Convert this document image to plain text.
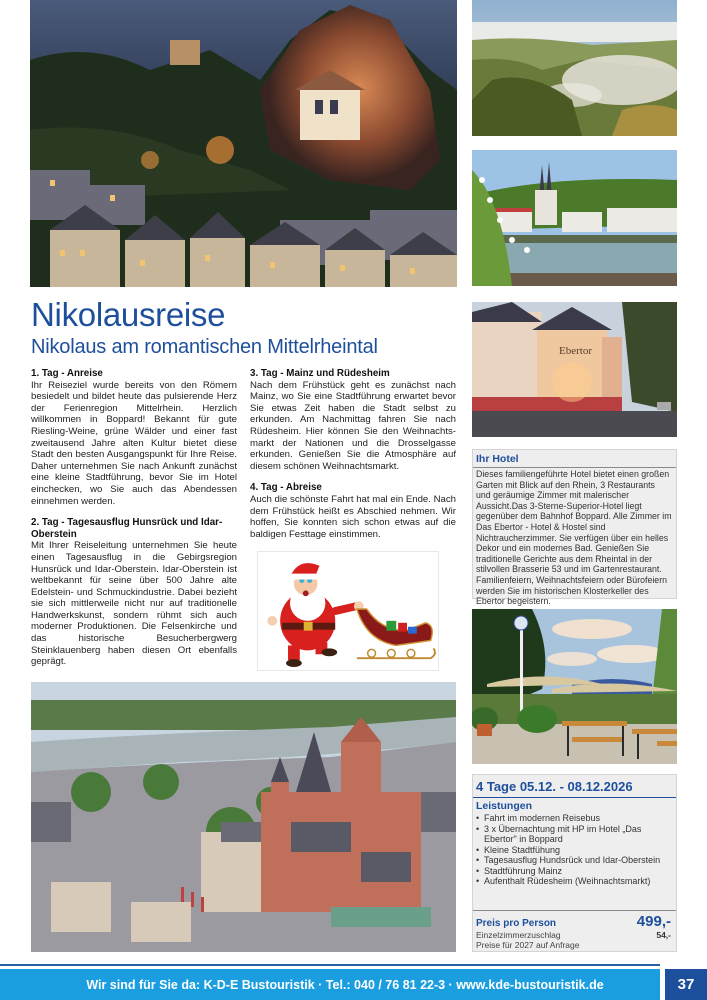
Ebertor
Nikolausreise
Nikolaus am romantischen Mittelrheintal
1. Tag - Anreise

Ihr Reiseziel wurde bereits von den Römern besiedelt und bildet heute das pulsierende Herz der Ferienregion Mittelrhein. Herzlich willkommen in Boppard! Bekannt für gute Riesling-Weine, grüne Wälder und einer fast zweitausend Jahre alten Kultur bietet diese Stadt den besten Ausgangspunkt für Ihre Reise. Daher unternehmen Sie nach Ankunft zunächst eine kleine Stadtführung, bevor Sie im Hotel einchecken, wo Sie auch das Abendessen einnehmen werden.

2. Tag - Tagesausflug Hunsrück und Idar-Oberstein

Mit Ihrer Reiseleitung unternehmen Sie heute einen Tagesausflug in die Gebirgsregion Hunsrück und Idar-Oberstein. Idar-Oberstein ist weltbekannt für seine über 500 Jahre alte Edelstein- und Schmuckindustrie. Dabei bezieht sie sich mittlerweile nicht nur auf traditionelle Handwerkskunst, sondern rühmt sich auch moderner Produktionen. Die Felsenkirche und das historische Besucherbergwerg Steinklauenberg haben diesen Ort ebenfalls geprägt.

3. Tag - Mainz und Rüdesheim

Nach dem Frühstück geht es zunächst nach Mainz, wo Sie eine Stadtführung erwartet bevor Sie etwas Zeit haben die Stadt selbst zu erkunden. Am Nachmittag fahren Sie nach Rüdesheim. Hier können Sie den Weihnachtsmarkt der Nationen und die Drosselgasse erkunden. Genießen Sie die Atmosphäre auf diesem schönen Weihnachtsmarkt.

4. Tag - Abreise

Auch die schönste Fahrt hat mal ein Ende. Nach dem Frühstück heißt es Abschied nehmen. Wir hoffen, Sie konnten sich schon etwas auf die baldigen Festtage einstimmen.

Ihr Hotel
Dieses familiengeführte Hotel bietet einen großen Garten mit Blick auf den Rhein, 3 Restaurants und geräumige Zimmer mit malerischer Aussicht.Das 3-Sterne-Superior-Hotel liegt gegenüber dem Bahnhof Boppard. Alle Zimmer im Das Ebertor - Hotel & Hostel sind Nichtraucherzimmer. Sie verfügen über ein helles Dekor und ein modernes Bad. Genießen Sie traditionelle Gerichte aus dem Rheintal in der stilvollen Brasserie 53 und im Gartenrestaurant. Familienfeiern, Weihnachtsfeiern oder Bürofeiern werden Sie im historischen Klosterkeller des Ebertor begeistern.
4 Tage 05.12. - 08.12.2026
Leistungen
• Fahrt im modernen Reisebus
• 3 x Übernachtung mit HP im Hotel „Das Ebertor" in Boppard
• Kleine Stadtfühung
• Tagesausflug Hundsrück und Idar-Oberstein
• Stadtführung Mainz
• Aufenthalt Rüdesheim (Weihnachtsmarkt)
Preis pro Person	499,-
Einzelzimmerzuschlag	54,-
Preise für 2027 auf Anfrage
Wir sind für Sie da: K-D-E Bustouristik · Tel.: 040 / 76 81 22-3 · www.kde-bustouristik.de	37
